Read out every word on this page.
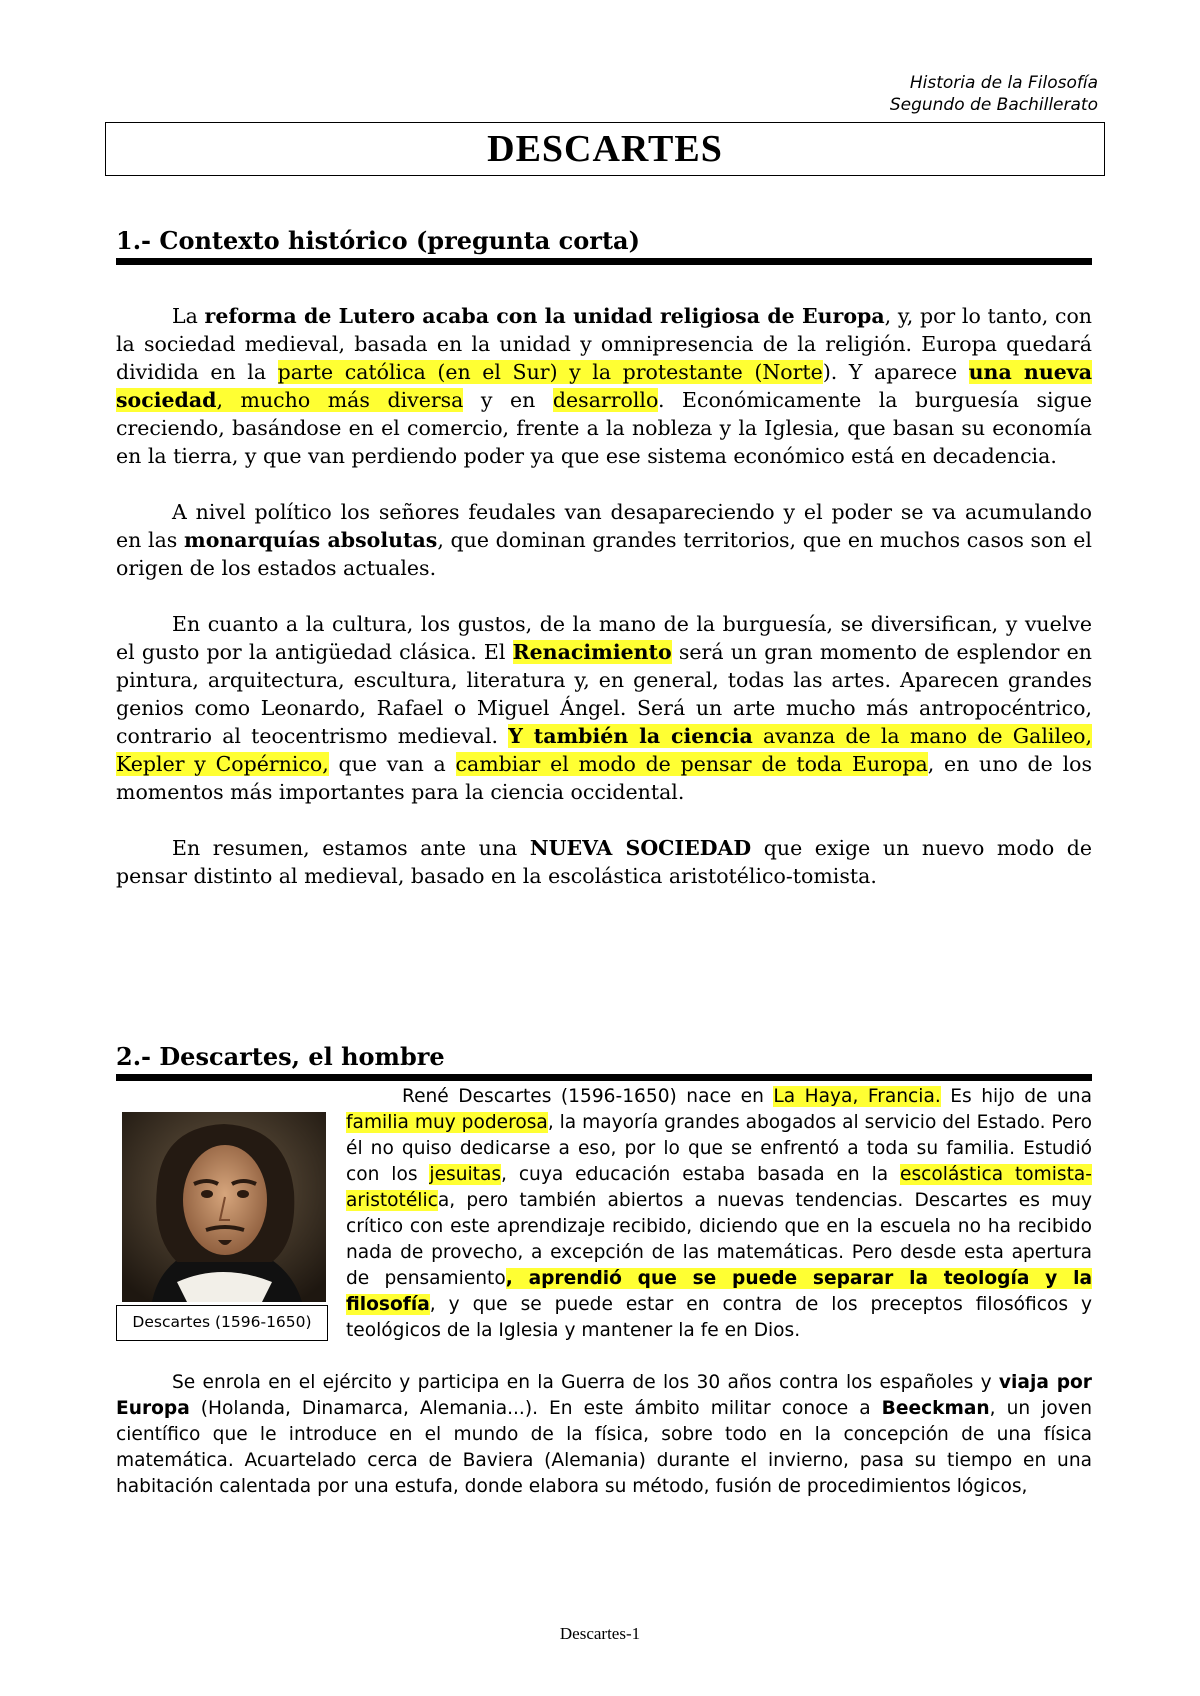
Historia de la Filosofía
Segundo de Bachillerato
DESCARTES
1.- Contexto histórico (pregunta corta)

La reforma de Lutero acaba con la unidad religiosa de Europa, y, por lo tanto, con la sociedad medieval, basada en la unidad y omnipresencia de la religión. Europa quedará dividida en la parte católica (en el Sur) y la protestante (Norte). Y aparece una nueva sociedad, mucho más diversa y en desarrollo. Económicamente la burguesía sigue creciendo, basándose en el comercio, frente a la nobleza y la Iglesia, que basan su economía en la tierra, y que van perdiendo poder ya que ese sistema económico está en decadencia.

A nivel político los señores feudales van desapareciendo y el poder se va acumulando en las monarquías absolutas, que dominan grandes territorios, que en muchos casos son el origen de los estados actuales.

En cuanto a la cultura, los gustos, de la mano de la burguesía, se diversifican, y vuelve el gusto por la antigüedad clásica. El Renacimiento será un gran momento de esplendor en pintura, arquitectura, escultura, literatura y, en general, todas las artes. Aparecen grandes genios como Leonardo, Rafael o Miguel Ángel. Será un arte mucho más antropocéntrico, contrario al teocentrismo medieval. Y también la ciencia avanza de la mano de Galileo, Kepler y Copérnico, que van a cambiar el modo de pensar de toda Europa, en uno de los momentos más importantes para la ciencia occidental.

En resumen, estamos ante una NUEVA SOCIEDAD que exige un nuevo modo de pensar distinto al medieval, basado en la escolástica aristotélico-tomista.

2.- Descartes, el hombre
Descartes (1596-1650)

René Descartes (1596-1650) nace en La Haya, Francia. Es hijo de una familia muy poderosa, la mayoría grandes abogados al servicio del Estado. Pero él no quiso dedicarse a eso, por lo que se enfrentó a toda su familia. Estudió con los jesuitas, cuya educación estaba basada en la escolástica tomista-aristotélica, pero también abiertos a nuevas tendencias. Descartes es muy crítico con este aprendizaje recibido, diciendo que en la escuela no ha recibido nada de provecho, a excepción de las matemáticas. Pero desde esta apertura de pensamiento, aprendió que se puede separar la teología y la filosofía, y que se puede estar en contra de los preceptos filosóficos y teológicos de la Iglesia y mantener la fe en Dios.

Se enrola en el ejército y participa en la Guerra de los 30 años contra los españoles y viaja por Europa (Holanda, Dinamarca, Alemania...). En este ámbito militar conoce a Beeckman, un joven científico que le introduce en el mundo de la física, sobre todo en la concepción de una física matemática. Acuartelado cerca de Baviera (Alemania) durante el invierno, pasa su tiempo en una habitación calentada por una estufa, donde elabora su método, fusión de procedimientos lógicos,

Descartes-1
